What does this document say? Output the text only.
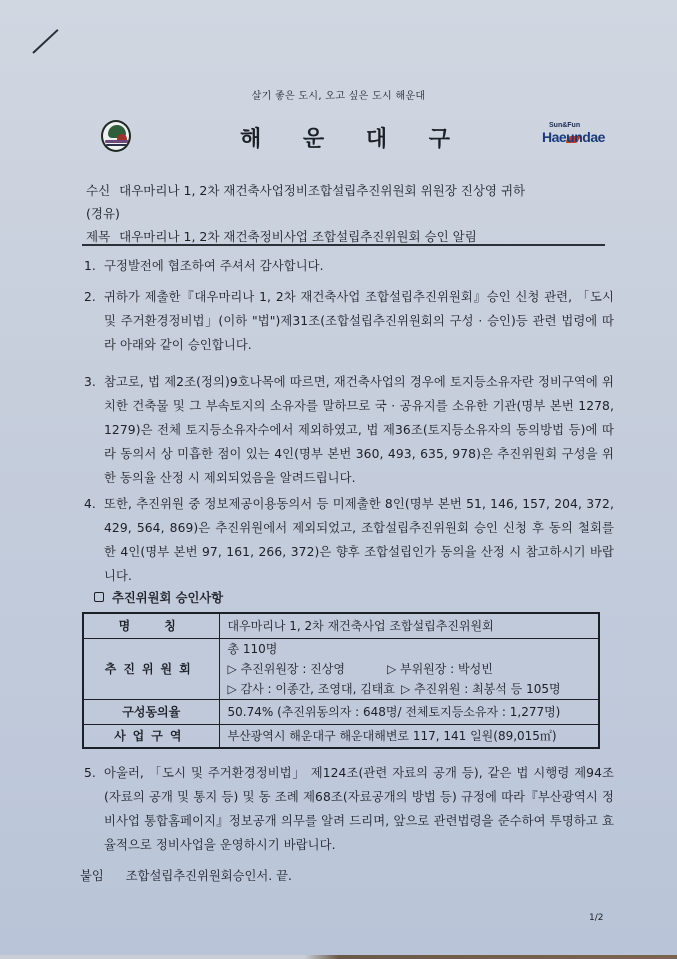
살기 좋은 도시, 오고 싶은 도시 해운대
해 운 대 구
Sun&Fun
Haeundae
수신 대우마리나 1, 2차 재건축사업정비조합설립추진위원회 위원장 진상영 귀하
(경유)
제목 대우마리나 1, 2차 재건축정비사업 조합설립추진위원회 승인 알림
1. 구정발전에 협조하여 주셔서 감사합니다.
2. 귀하가 제출한『대우마리나 1, 2차 재건축사업 조합설립추진위원회』승인 신청 관련, 「도시 및 주거환경정비법」(이하 "법")제31조(조합설립추진위원회의 구성 · 승인)등 관련 법령에 따라 아래와 같이 승인합니다.
3. 참고로, 법 제2조(정의)9호나목에 따르면, 재건축사업의 경우에 토지등소유자란 정비구역에 위치한 건축물 및 그 부속토지의 소유자를 말하므로 국 · 공유지를 소유한 기관(명부 본번 1278, 1279)은 전체 토지등소유자수에서 제외하였고, 법 제36조(토지등소유자의 동의방법 등)에 따라 동의서 상 미흡한 점이 있는 4인(명부 본번 360, 493, 635, 978)은 추진위원회 구성을 위한 동의율 산정 시 제외되었음을 알려드립니다.
4. 또한, 추진위원 중 정보제공이용동의서 등 미제출한 8인(명부 본번 51, 146, 157, 204, 372, 429, 564, 869)은 추진위원에서 제외되었고, 조합설립추진위원회 승인 신청 후 동의 철회를 한 4인(명부 본번 97, 161, 266, 372)은 향후 조합설립인가 동의율 산정 시 참고하시기 바랍니다.
추진위원회 승인사항
명칭	대우마리나 1, 2차 재건축사업 조합설립추진위원회
추진위원회	총 110명
▷ 추진위원장 : 진상영 ▷ 부위원장 : 박성빈
▷ 감사 : 이종간, 조영대, 김태효 ▷ 추진위원 : 최봉석 등 105명

구성동의율	50.74% (추진위동의자 : 648명/ 전체토지등소유자 : 1,277명)
사업구역	부산광역시 해운대구 해운대해변로 117, 141 일원(89,015㎡)
5. 아울러, 「도시 및 주거환경정비법」 제124조(관련 자료의 공개 등), 같은 법 시행령 제94조(자료의 공개 및 통지 등) 및 동 조례 제68조(자료공개의 방법 등) 규정에 따라『부산광역시 정비사업 통합홈페이지』정보공개 의무를 알려 드리며, 앞으로 관련법령을 준수하여 투명하고 효율적으로 정비사업을 운영하시기 바랍니다.
붙임 조합설립추진위원회승인서. 끝.
1/2
